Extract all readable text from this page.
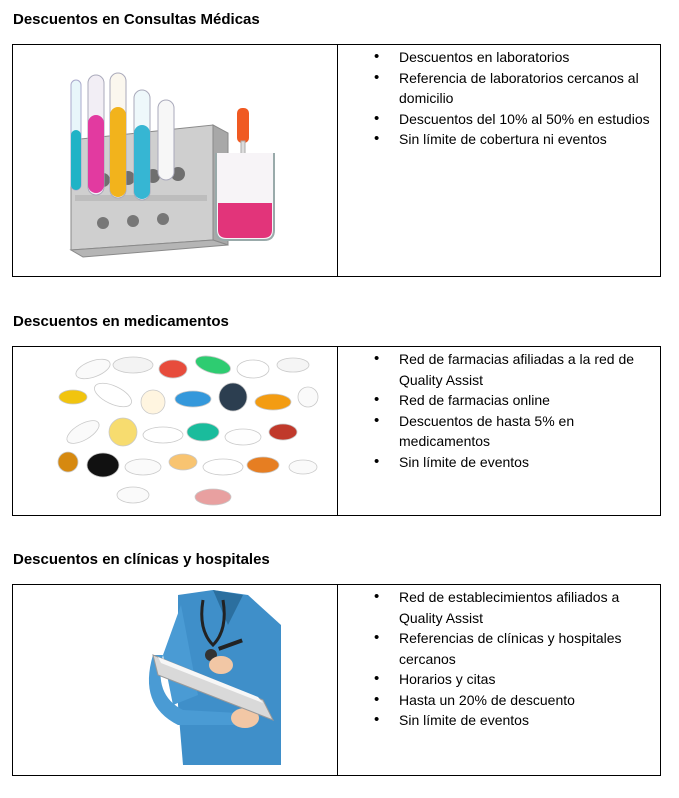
Descuentos en Consultas Médicas
• Descuentos en laboratorios
• Referencia de laboratorios cercanos al domicilio
• Descuentos del 10% al 50% en estudios
• Sin límite de cobertura ni eventos
Descuentos en medicamentos
• Red de farmacias afiliadas a la red de Quality Assist
• Red de farmacias online
• Descuentos de hasta 5% en medicamentos
• Sin límite de eventos
Descuentos en clínicas y hospitales
• Red de establecimientos afiliados a Quality Assist
• Referencias de clínicas y hospitales cercanos
• Horarios y citas
• Hasta un 20% de descuento
• Sin límite de eventos
